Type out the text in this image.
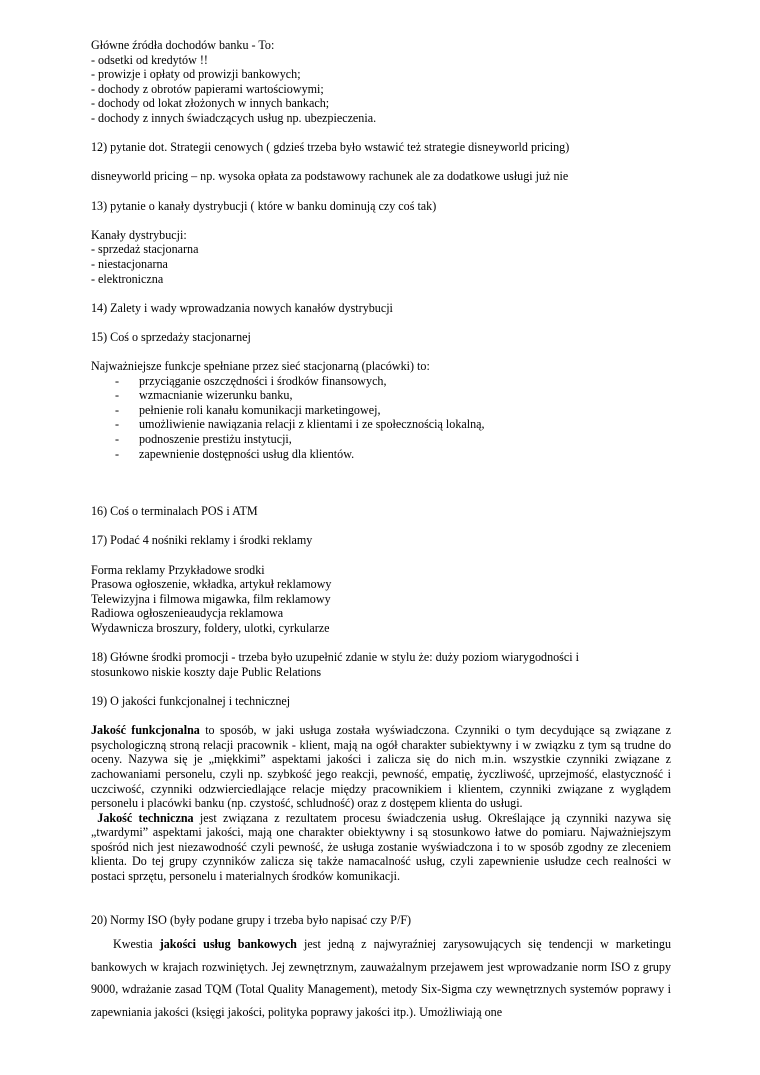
Główne źródła dochodów banku - To:
- odsetki od kredytów !!
- prowizje i opłaty od prowizji bankowych;
- dochody z obrotów papierami wartościowymi;
- dochody od lokat złożonych w innych bankach;
- dochody z innych świadczących usług np. ubezpieczenia.
12) pytanie dot. Strategii cenowych ( gdzieś trzeba było wstawić też strategie disneyworld pricing)
disneyworld pricing – np. wysoka opłata za podstawowy rachunek ale za dodatkowe usługi już nie
13) pytanie o kanały dystrybucji ( które w banku dominują czy coś tak)
Kanały dystrybucji:
- sprzedaż stacjonarna
- niestacjonarna
- elektroniczna
14) Zalety i wady wprowadzania nowych kanałów dystrybucji
15) Coś o sprzedaży stacjonarnej
Najważniejsze funkcje spełniane przez sieć stacjonarną (placówki) to:
- przyciąganie oszczędności i środków finansowych,
- wzmacnianie wizerunku banku,
- pełnienie roli kanału komunikacji marketingowej,
- umożliwienie nawiązania relacji z klientami i ze społecznością lokalną,
- podnoszenie prestiżu instytucji,
- zapewnienie dostępności usług dla klientów.
16) Coś o terminalach POS i ATM
17) Podać 4 nośniki reklamy i środki reklamy
Forma reklamy Przykładowe srodki
Prasowa ogłoszenie, wkładka, artykuł reklamowy
Telewizyjna i filmowa migawka, film reklamowy
Radiowa ogłoszenieaudycja reklamowa
Wydawnicza broszury, foldery, ulotki, cyrkularze
18) Główne środki promocji - trzeba było uzupełnić zdanie w stylu że: duży poziom wiarygodności i
stosunkowo niskie koszty daje Public Relations
19) O jakości funkcjonalnej i technicznej
Jakość funkcjonalna to sposób, w jaki usługa została wyświadczona. Czynniki o tym decydujące są związane z psychologiczną stroną relacji pracownik - klient, mają na ogół charakter subiektywny i w związku z tym są trudne do oceny. Nazywa się je „miękkimi” aspektami jakości i zalicza się do nich m.in. wszystkie czynniki związane z zachowaniami personelu, czyli np. szybkość jego reakcji, pewność, empatię, życzliwość, uprzejmość, elastyczność i uczciwość, czynniki odzwierciedlające relacje między pracownikiem i klientem, czynniki związane z wyglądem personelu i placówki banku (np. czystość, schludność) oraz z dostępem klienta do usługi.
Jakość techniczna jest związana z rezultatem procesu świadczenia usług. Określające ją czynniki nazywa się „twardymi” aspektami jakości, mają one charakter obiektywny i są stosunkowo łatwe do pomiaru. Najważniejszym spośród nich jest niezawodność czyli pewność, że usługa zostanie wyświadczona i to w sposób zgodny ze zleceniem klienta. Do tej grupy czynników zalicza się także namacalność usług, czyli zapewnienie usłudze cech realności w postaci sprzętu, personelu i materialnych środków komunikacji.
20) Normy ISO (były podane grupy i trzeba było napisać czy P/F)
Kwestia jakości usług bankowych jest jedną z najwyraźniej zarysowujących się tendencji w marketingu bankowych w krajach rozwiniętych. Jej zewnętrznym, zauważalnym przejawem jest wprowadzanie norm ISO z grupy 9000, wdrażanie zasad TQM (Total Quality Management), metody Six-Sigma czy wewnętrznych systemów poprawy i zapewniania jakości (księgi jakości, polityka poprawy jakości itp.). Umożliwiają one
